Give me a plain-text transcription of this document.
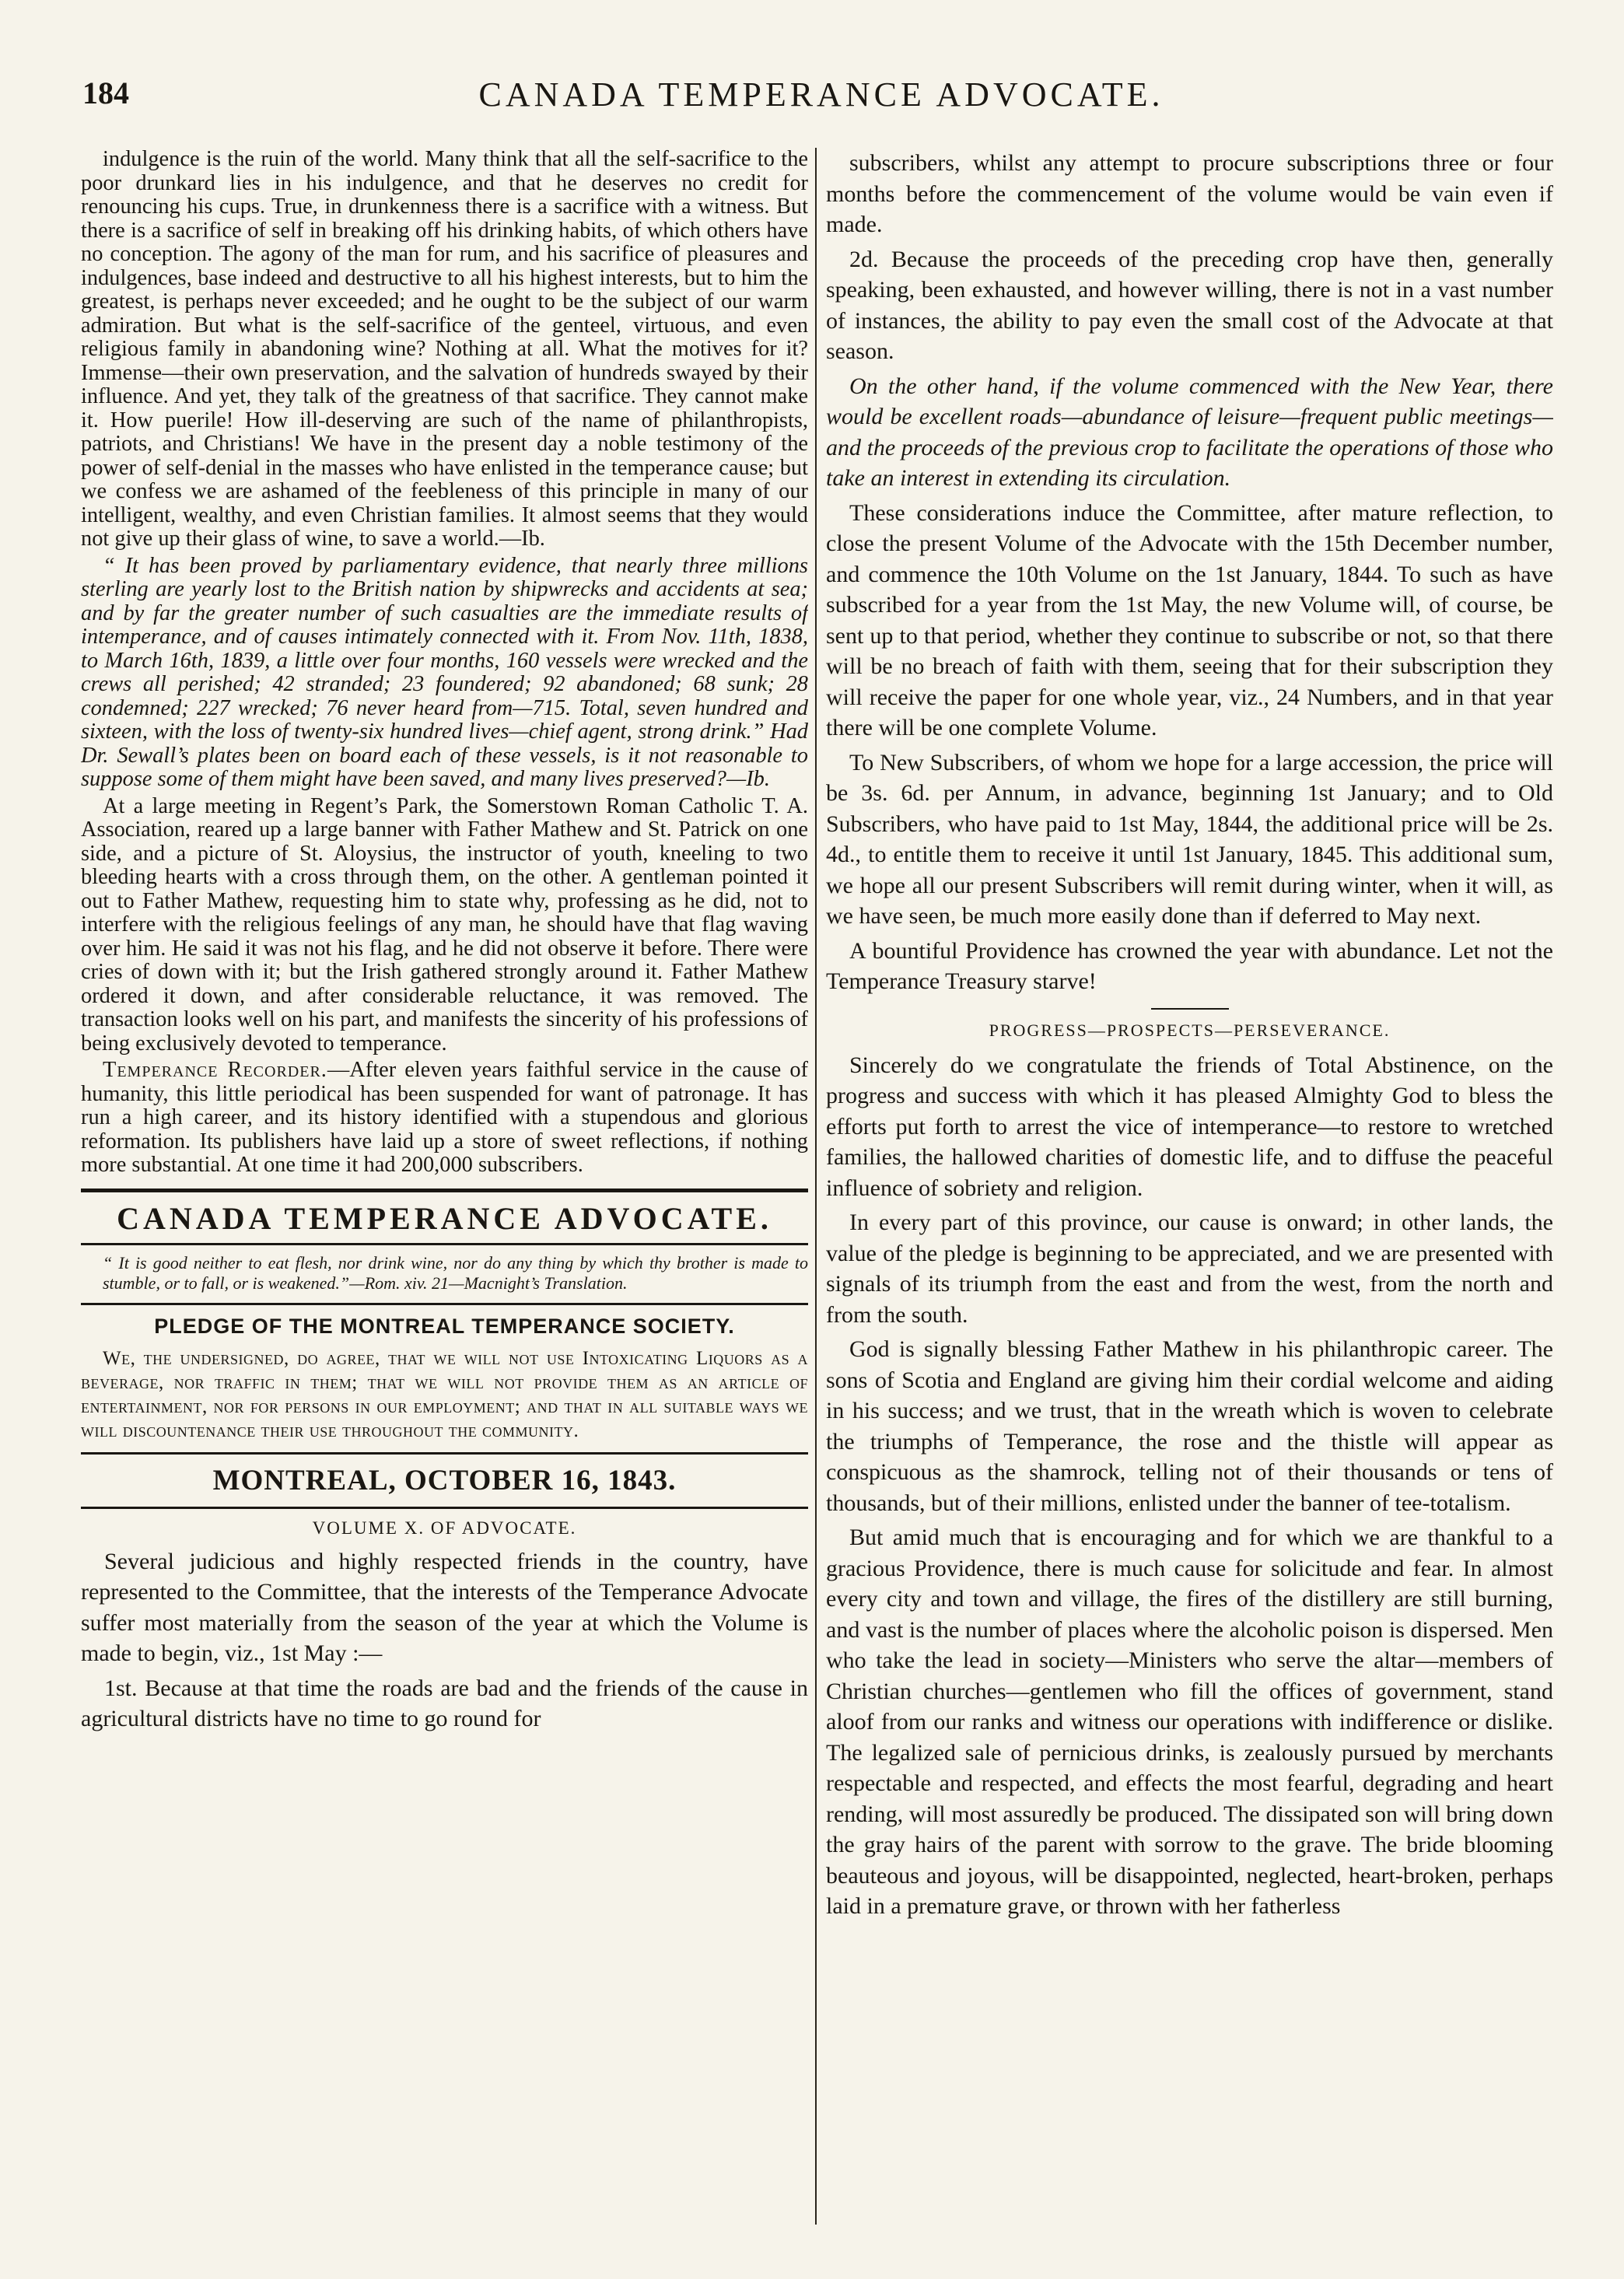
184	CANADA TEMPERANCE ADVOCATE.

indulgence is the ruin of the world. Many think that all the self-sacrifice to the poor drunkard lies in his indulgence, and that he deserves no credit for renouncing his cups. True, in drunkenness there is a sacrifice with a witness. But there is a sacrifice of self in breaking off his drinking habits, of which others have no conception. The agony of the man for rum, and his sacrifice of pleasures and indulgences, base indeed and destructive to all his highest interests, but to him the greatest, is perhaps never exceeded; and he ought to be the subject of our warm admiration. But what is the self-sacrifice of the genteel, virtuous, and even religious family in abandoning wine? Nothing at all. What the motives for it? Immense—their own preservation, and the salvation of hundreds swayed by their influence. And yet, they talk of the greatness of that sacrifice. They cannot make it. How puerile! How ill-deserving are such of the name of philanthropists, patriots, and Christians! We have in the present day a noble testimony of the power of self-denial in the masses who have enlisted in the temperance cause; but we confess we are ashamed of the feebleness of this principle in many of our intelligent, wealthy, and even Christian families. It almost seems that they would not give up their glass of wine, to save a world.—Ib.

“ It has been proved by parliamentary evidence, that nearly three millions sterling are yearly lost to the British nation by shipwrecks and accidents at sea; and by far the greater number of such casualties are the immediate results of intemperance, and of causes intimately connected with it. From Nov. 11th, 1838, to March 16th, 1839, a little over four months, 160 vessels were wrecked and the crews all perished; 42 stranded; 23 foundered; 92 abandoned; 68 sunk; 28 condemned; 227 wrecked; 76 never heard from—715. Total, seven hundred and sixteen, with the loss of twenty-six hundred lives—chief agent, strong drink.” Had Dr. Sewall’s plates been on board each of these vessels, is it not reasonable to suppose some of them might have been saved, and many lives preserved?—Ib.

At a large meeting in Regent’s Park, the Somerstown Roman Catholic T. A. Association, reared up a large banner with Father Mathew and St. Patrick on one side, and a picture of St. Aloysius, the instructor of youth, kneeling to two bleeding hearts with a cross through them, on the other. A gentleman pointed it out to Father Mathew, requesting him to state why, professing as he did, not to interfere with the religious feelings of any man, he should have that flag waving over him. He said it was not his flag, and he did not observe it before. There were cries of down with it; but the Irish gathered strongly around it. Father Mathew ordered it down, and after considerable reluctance, it was removed. The transaction looks well on his part, and manifests the sincerity of his professions of being exclusively devoted to temperance.

Temperance Recorder.—After eleven years faithful service in the cause of humanity, this little periodical has been suspended for want of patronage. It has run a high career, and its history identified with a stupendous and glorious reformation. Its publishers have laid up a store of sweet reflections, if nothing more substantial. At one time it had 200,000 subscribers.

CANADA TEMPERANCE ADVOCATE.
“ It is good neither to eat flesh, nor drink wine, nor do any thing by which thy brother is made to stumble, or to fall, or is weakened.”—Rom. xiv. 21—Macnight’s Translation.
PLEDGE OF THE MONTREAL TEMPERANCE SOCIETY.

We, the undersigned, do agree, that we will not use Intoxicating Liquors as a beverage, nor traffic in them; that we will not provide them as an article of entertainment, nor for persons in our employment; and that in all suitable ways we will discountenance their use throughout the community.

MONTREAL, OCTOBER 16, 1843.
VOLUME X. OF ADVOCATE.

Several judicious and highly respected friends in the country, have represented to the Committee, that the interests of the Temperance Advocate suffer most materially from the season of the year at which the Volume is made to begin, viz., 1st May :—

1st. Because at that time the roads are bad and the friends of the cause in agricultural districts have no time to go round for

subscribers, whilst any attempt to procure subscriptions three or four months before the commencement of the volume would be vain even if made.

2d. Because the proceeds of the preceding crop have then, generally speaking, been exhausted, and however willing, there is not in a vast number of instances, the ability to pay even the small cost of the Advocate at that season.

On the other hand, if the volume commenced with the New Year, there would be excellent roads—abundance of leisure—frequent public meetings—and the proceeds of the previous crop to facilitate the operations of those who take an interest in extending its circulation.

These considerations induce the Committee, after mature reflection, to close the present Volume of the Advocate with the 15th December number, and commence the 10th Volume on the 1st January, 1844. To such as have subscribed for a year from the 1st May, the new Volume will, of course, be sent up to that period, whether they continue to subscribe or not, so that there will be no breach of faith with them, seeing that for their subscription they will receive the paper for one whole year, viz., 24 Numbers, and in that year there will be one complete Volume.

To New Subscribers, of whom we hope for a large accession, the price will be 3s. 6d. per Annum, in advance, beginning 1st January; and to Old Subscribers, who have paid to 1st May, 1844, the additional price will be 2s. 4d., to entitle them to receive it until 1st January, 1845. This additional sum, we hope all our present Subscribers will remit during winter, when it will, as we have seen, be much more easily done than if deferred to May next.

A bountiful Providence has crowned the year with abundance. Let not the Temperance Treasury starve!

PROGRESS—PROSPECTS—PERSEVERANCE.

Sincerely do we congratulate the friends of Total Abstinence, on the progress and success with which it has pleased Almighty God to bless the efforts put forth to arrest the vice of intemperance—to restore to wretched families, the hallowed charities of domestic life, and to diffuse the peaceful influence of sobriety and religion.

In every part of this province, our cause is onward; in other lands, the value of the pledge is beginning to be appreciated, and we are presented with signals of its triumph from the east and from the west, from the north and from the south.

God is signally blessing Father Mathew in his philanthropic career. The sons of Scotia and England are giving him their cordial welcome and aiding in his success; and we trust, that in the wreath which is woven to celebrate the triumphs of Temperance, the rose and the thistle will appear as conspicuous as the shamrock, telling not of their thousands or tens of thousands, but of their millions, enlisted under the banner of tee-totalism.

But amid much that is encouraging and for which we are thankful to a gracious Providence, there is much cause for solicitude and fear. In almost every city and town and village, the fires of the distillery are still burning, and vast is the number of places where the alcoholic poison is dispersed. Men who take the lead in society—Ministers who serve the altar—members of Christian churches—gentlemen who fill the offices of government, stand aloof from our ranks and witness our operations with indifference or dislike. The legalized sale of pernicious drinks, is zealously pursued by merchants respectable and respected, and effects the most fearful, degrading and heart rending, will most assuredly be produced. The dissipated son will bring down the gray hairs of the parent with sorrow to the grave. The bride blooming beauteous and joyous, will be disappointed, neglected, heart-broken, perhaps laid in a premature grave, or thrown with her fatherless
